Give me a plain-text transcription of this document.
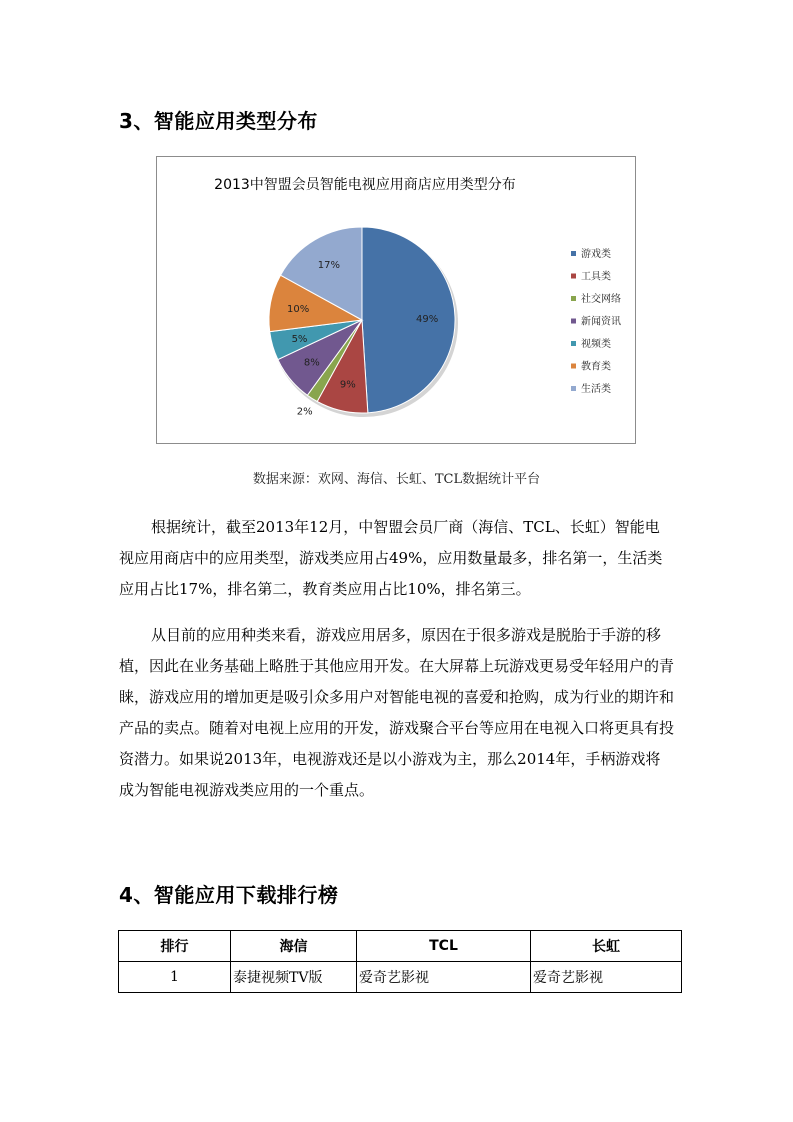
3、智能应用类型分布
2013中智盟会员智能电视应用商店应用类型分布
49%
9%
2%
8%
5%
10%
17%
游戏类
工具类
社交网络
新闻资讯
视频类
教育类
生活类

数据来源：欢网、海信、长虹、TCL数据统计平台

根据统计，截至2013年12月，中智盟会员厂商（海信、TCL、长虹）智能电视应用商店中的应用类型，游戏类应用占49%，应用数量最多，排名第一，生活类应用占比17%，排名第二，教育类应用占比10%，排名第三。

从目前的应用种类来看，游戏应用居多，原因在于很多游戏是脱胎于手游的移植，因此在业务基础上略胜于其他应用开发。在大屏幕上玩游戏更易受年轻用户的青睐，游戏应用的增加更是吸引众多用户对智能电视的喜爱和抢购，成为行业的期许和产品的卖点。随着对电视上应用的开发，游戏聚合平台等应用在电视入口将更具有投资潜力。如果说2013年，电视游戏还是以小游戏为主，那么2014年，手柄游戏将成为智能电视游戏类应用的一个重点。

4、智能应用下载排行榜
排行	海信	TCL	长虹
1	泰捷视频TV版	爱奇艺影视	爱奇艺影视
